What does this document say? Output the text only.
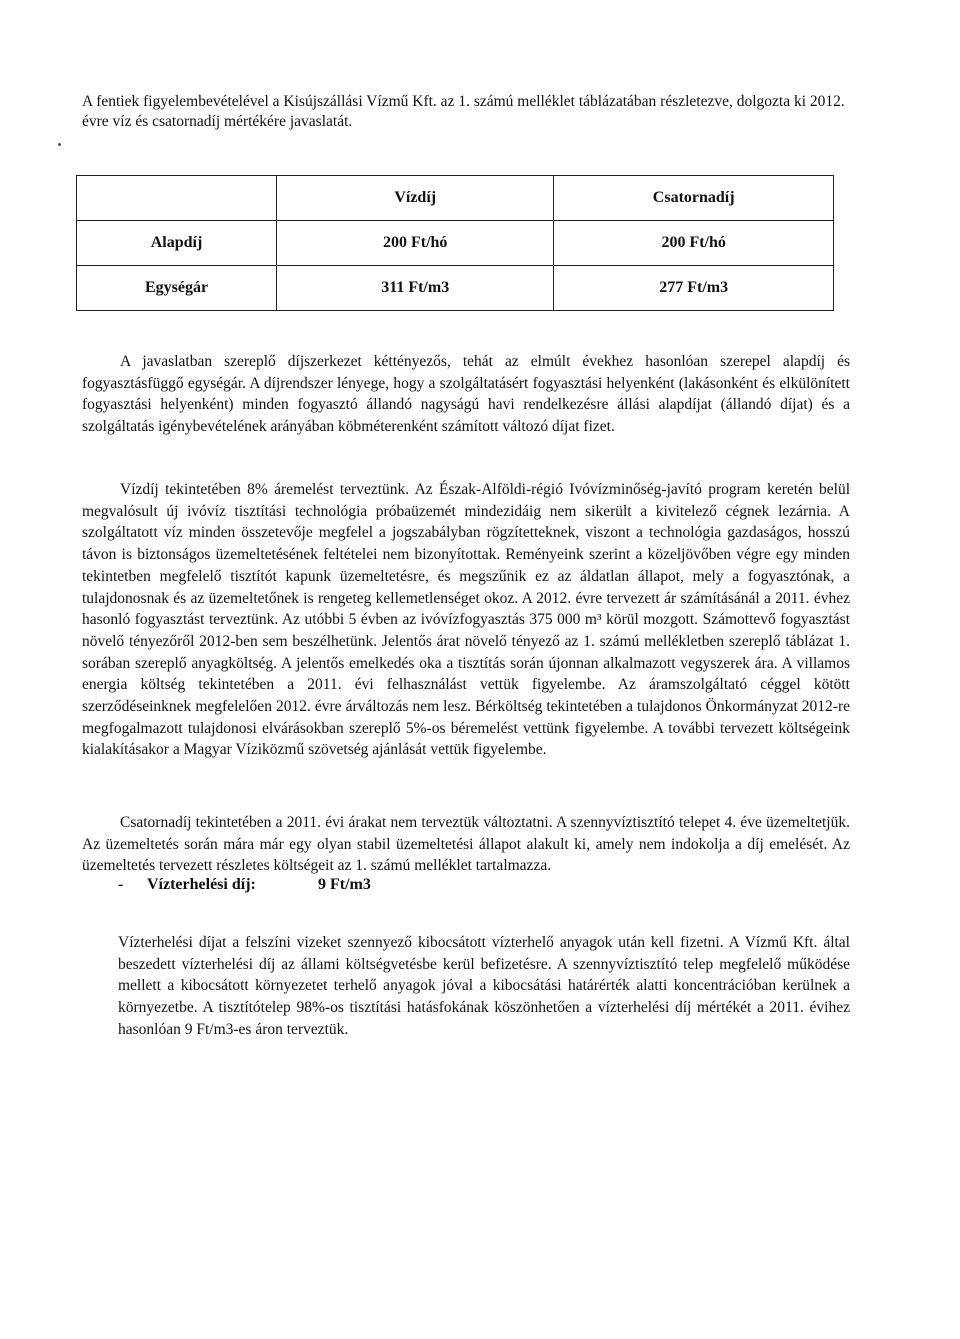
A fentiek figyelembevételével a Kisújszállási Vízmű Kft. az 1. számú melléklet táblázatában részletezve, dolgozta ki 2012. évre víz és csatornadíj mértékére javaslatát.
	Vízdíj	Csatornadíj
Alapdíj	200 Ft/hó	200 Ft/hó
Egységár	311 Ft/m3	277 Ft/m3
A javaslatban szereplő díjszerkezet kéttényezős, tehát az elmúlt évekhez hasonlóan szerepel alapdíj és fogyasztásfüggő egységár. A díjrendszer lényege, hogy a szolgáltatásért fogyasztási helyenként (lakásonként és elkülönített fogyasztási helyenként) minden fogyasztó állandó nagyságú havi rendelkezésre állási alapdíjat (állandó díjat) és a szolgáltatás igénybevételének arányában köbméterenként számított változó díjat fizet.
Vízdíj tekintetében 8% áremelést terveztünk. Az Észak-Alföldi-régió Ivóvízminőség-javító program keretén belül megvalósult új ivóvíz tisztítási technológia próbaüzemét mindezidáig nem sikerült a kivitelező cégnek lezárnia. A szolgáltatott víz minden összetevője megfelel a jogszabályban rögzítetteknek, viszont a technológia gazdaságos, hosszú távon is biztonságos üzemeltetésének feltételei nem bizonyítottak. Reményeink szerint a közeljövőben végre egy minden tekintetben megfelelő tisztítót kapunk üzemeltetésre, és megszűnik ez az áldatlan állapot, mely a fogyasztónak, a tulajdonosnak és az üzemeltetőnek is rengeteg kellemetlenséget okoz. A 2012. évre tervezett ár számításánál a 2011. évhez hasonló fogyasztást terveztünk. Az utóbbi 5 évben az ivóvízfogyasztás 375 000 m³ körül mozgott. Számottevő fogyasztást növelő tényezőről 2012-ben sem beszélhetünk. Jelentős árat növelő tényező az 1. számú mellékletben szereplő táblázat 1. sorában szereplő anyagköltség. A jelentős emelkedés oka a tisztítás során újonnan alkalmazott vegyszerek ára. A villamos energia költség tekintetében a 2011. évi felhasználást vettük figyelembe. Az áramszolgáltató céggel kötött szerződéseinknek megfelelően 2012. évre árváltozás nem lesz. Bérköltség tekintetében a tulajdonos Önkormányzat 2012-re megfogalmazott tulajdonosi elvárásokban szereplő 5%-os béremelést vettünk figyelembe. A további tervezett költségeink kialakításakor a Magyar Víziközmű szövetség ajánlását vettük figyelembe.
Csatornadíj tekintetében a 2011. évi árakat nem terveztük változtatni. A szennyvíztisztító telepet 4. éve üzemeltetjük. Az üzemeltetés során mára már egy olyan stabil üzemeltetési állapot alakult ki, amely nem indokolja a díj emelését. Az üzemeltetés tervezett részletes költségeit az 1. számú melléklet tartalmazza.
- Vízterhelési díj:	9 Ft/m3
Vízterhelési díjat a felszíni vizeket szennyező kibocsátott vízterhelő anyagok után kell fizetni. A Vízmű Kft. által beszedett vízterhelési díj az állami költségvetésbe kerül befizetésre. A szennyvíztisztító telep megfelelő működése mellett a kibocsátott környezetet terhelő anyagok jóval a kibocsátási határérték alatti koncentrációban kerülnek a környezetbe. A tisztítótelep 98%-os tisztítási hatásfokának köszönhetően a vízterhelési díj mértékét a 2011. évihez hasonlóan 9 Ft/m3-es áron terveztük.
